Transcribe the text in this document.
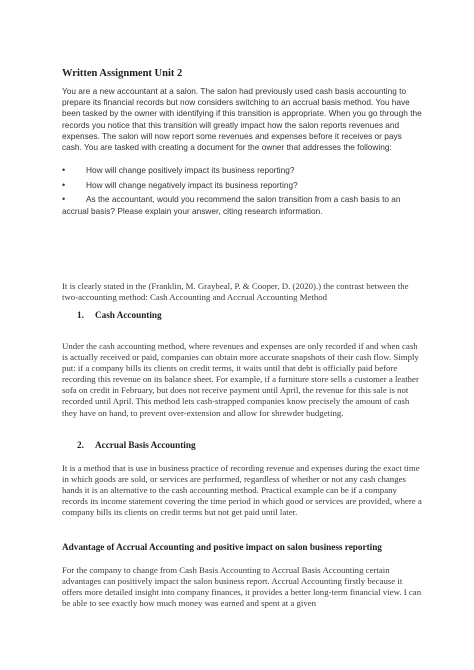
Written Assignment Unit 2

You are a new accountant at a salon. The salon had previously used cash basis accounting to prepare its financial records but now considers switching to an accrual basis method. You have been tasked by the owner with identifying if this transition is appropriate. When you go through the records you notice that this transition will greatly impact how the salon reports revenues and expenses. The salon will now report some revenues and expenses before it receives or pays cash. You are tasked with creating a document for the owner that addresses the following:

•	How will change positively impact its business reporting?
•	How will change negatively impact its business reporting?
•	As the accountant, would you recommend the salon transition from a cash basis to an
accrual basis? Please explain your answer, citing research information.

It is clearly stated in the (Franklin, M. Graybeal, P. & Cooper, D. (2020).) the contrast between the two-accounting method: Cash Accounting and Accrual Accounting Method

1. Cash Accounting

Under the cash accounting method, where revenues and expenses are only recorded if and when cash is actually received or paid, companies can obtain more accurate snapshots of their cash flow. Simply put: if a company bills its clients on credit terms, it waits until that debt is officially paid before recording this revenue on its balance sheet. For example, if a furniture store sells a customer a leather sofa on credit in February, but does not receive payment until April, the revenue for this sale is not recorded until April. This method lets cash-strapped companies know precisely the amount of cash they have on hand, to prevent over-extension and allow for shrewder budgeting.

2. Accrual Basis Accounting

It is a method that is use in business practice of recording revenue and expenses during the exact time in which goods are sold, or services are performed, regardless of whether or not any cash changes hands it is an alternative to the cash accounting method. Practical example can be if a company records its income statement covering the time period in which good or services are provided, where a company bills its clients on credit terms but not get paid until later.

Advantage of Accrual Accounting and positive impact on salon business reporting

For the company to change from Cash Basis Accounting to Accrual Basis Accounting certain advantages can positively impact the salon business report. Accrual Accounting firstly because it offers more detailed insight into company finances, it provides a better long-term financial view. I can be able to see exactly how much money was earned and spent at a given
